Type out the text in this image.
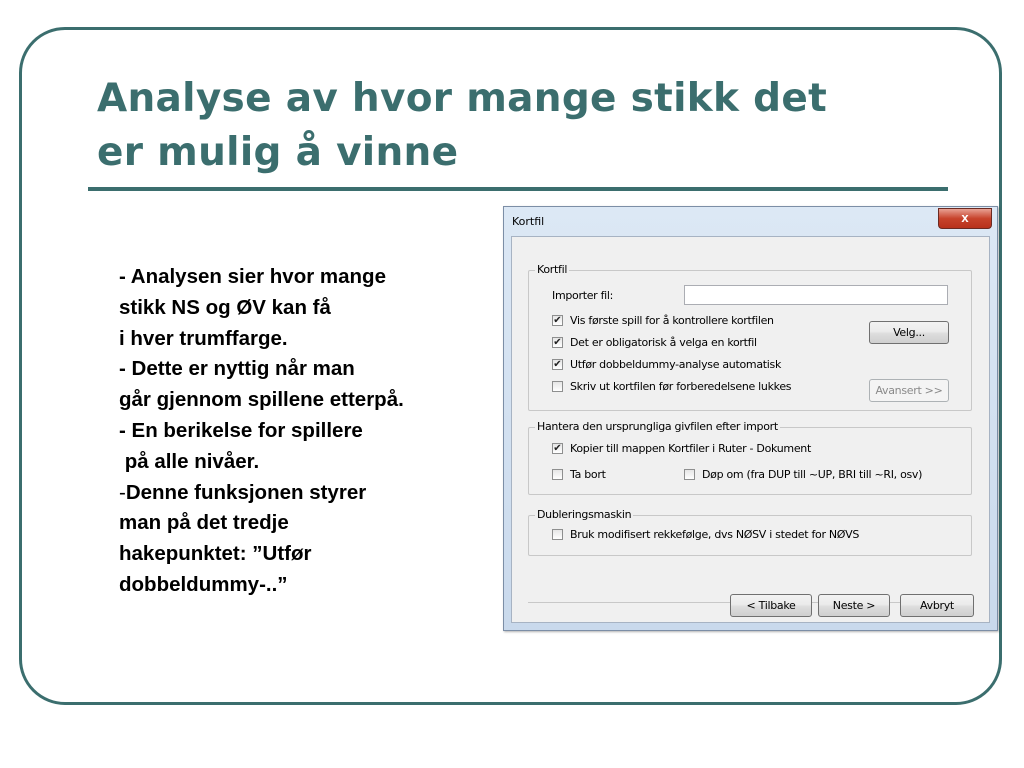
Analyse av hvor mange stikk det
er mulig å vinne
- Analysen sier hvor mange
stikk NS og ØV kan få
i hver trumffarge.
- Dette er nyttig når man
går gjennom spillene etterpå.
- En berikelse for spillere
på alle nivåer.
-Denne funksjonen styrer
man på det tredje
hakepunktet: ”Utfør
dobbeldummy-..”
Kortfil	x
Kortfil
Importer fil:
✔ Vis første spill for å kontrollere kortfilen
✔ Det er obligatorisk å velga en kortfil
✔ Utfør dobbeldummy-analyse automatisk
Skriv ut kortfilen før forberedelsene lukkes
Velg...
Avansert >>
Hantera den ursprungliga givfilen efter import
✔ Kopier till mappen Kortfiler i Ruter - Dokument
Ta bort	Døp om (fra DUP till ~UP, BRI till ~RI, osv)
Dubleringsmaskin
Bruk modifisert rekkefølge, dvs NØSV i stedet for NØVS
< Tilbake	Neste >	Avbryt
